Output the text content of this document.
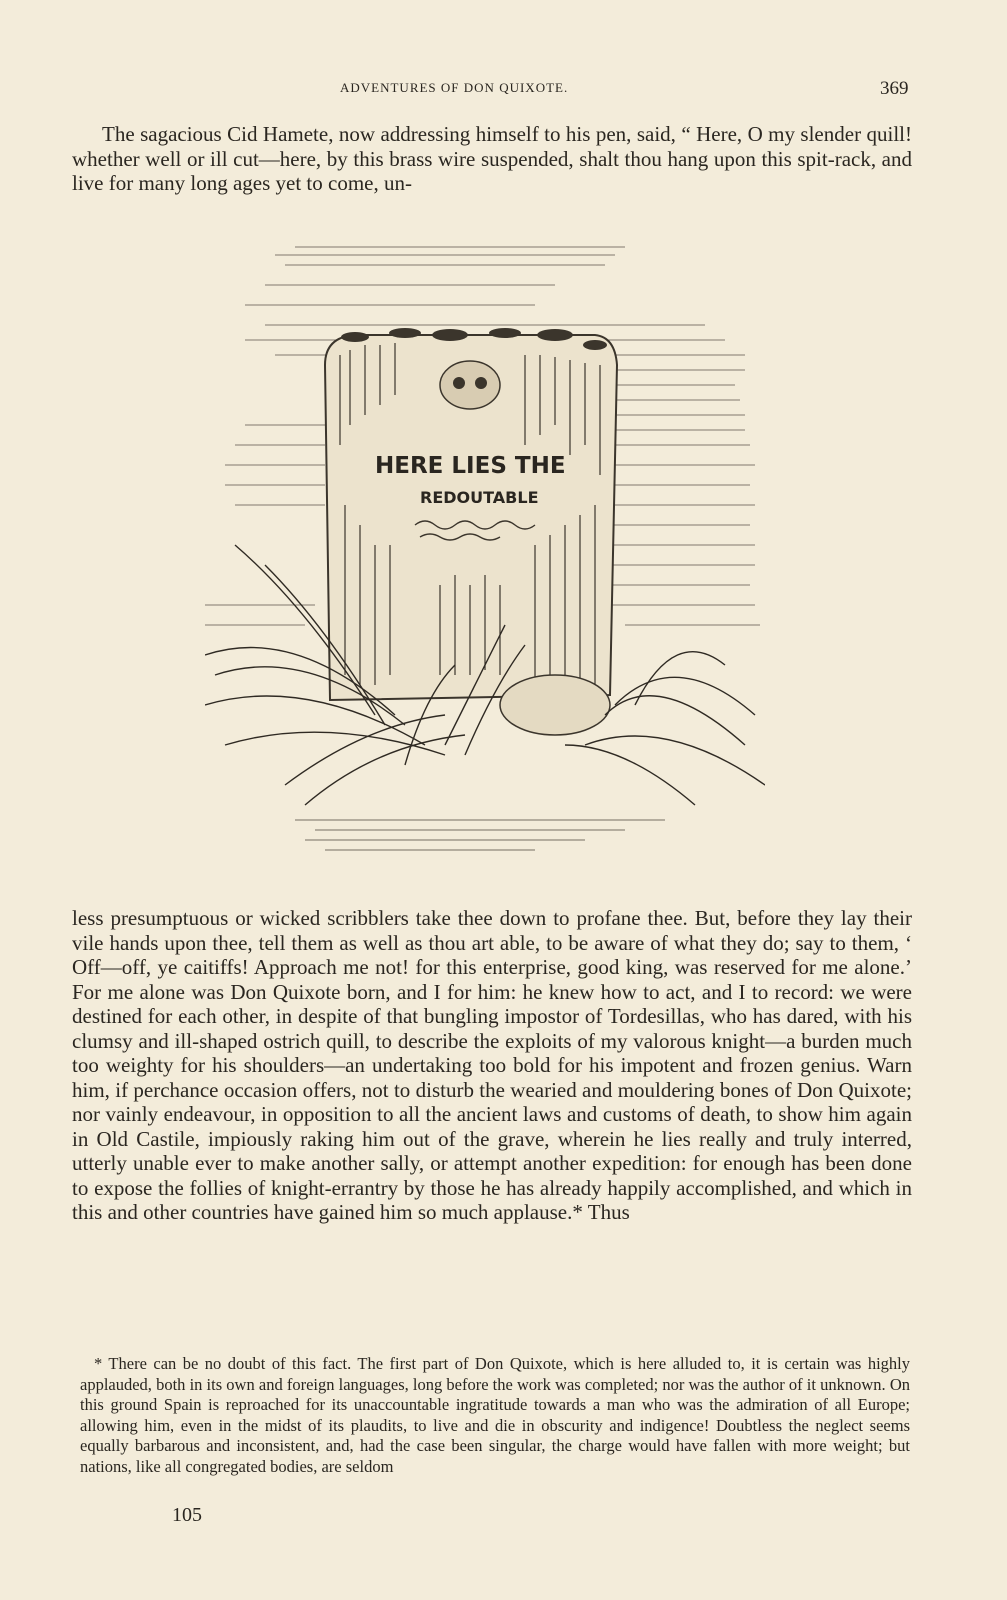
ADVENTURES OF DON QUIXOTE.	369

The sagacious Cid Hamete, now addressing himself to his pen, said, “ Here, O my slender quill! whether well or ill cut—here, by this brass wire suspended, shalt thou hang upon this spit-rack, and live for many long ages yet to come, un-

HERE LIES THE
REDOUTABLE

less presumptuous or wicked scribblers take thee down to profane thee. But, before they lay their vile hands upon thee, tell them as well as thou art able, to be aware of what they do; say to them, ‘ Off—off, ye caitiffs! Approach me not! for this enterprise, good king, was reserved for me alone.’ For me alone was Don Quixote born, and I for him: he knew how to act, and I to record: we were destined for each other, in despite of that bungling impostor of Tordesillas, who has dared, with his clumsy and ill-shaped ostrich quill, to describe the exploits of my valorous knight—a burden much too weighty for his shoulders—an undertaking too bold for his impotent and frozen genius. Warn him, if perchance occasion offers, not to disturb the wearied and mouldering bones of Don Quixote; nor vainly endeavour, in opposition to all the ancient laws and customs of death, to show him again in Old Castile, impiously raking him out of the grave, wherein he lies really and truly interred, utterly unable ever to make another sally, or attempt another expedition: for enough has been done to expose the follies of knight-errantry by those he has already happily accomplished, and which in this and other countries have gained him so much applause.* Thus

* There can be no doubt of this fact. The first part of Don Quixote, which is here alluded to, it is certain was highly applauded, both in its own and foreign languages, long before the work was completed; nor was the author of it unknown. On this ground Spain is reproached for its unaccountable ingratitude towards a man who was the admiration of all Europe; allowing him, even in the midst of its plaudits, to live and die in obscurity and indigence! Doubtless the neglect seems equally barbarous and inconsistent, and, had the case been singular, the charge would have fallen with more weight; but nations, like all congregated bodies, are seldom

105
